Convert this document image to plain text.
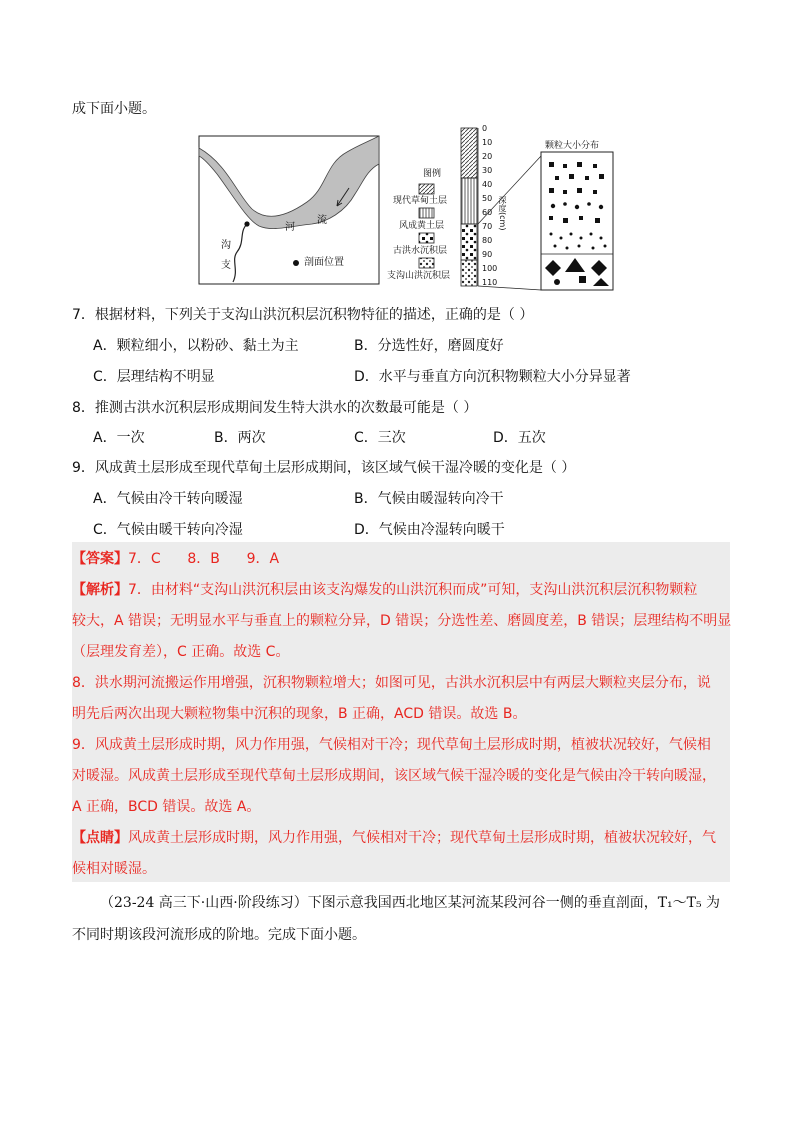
成下面小题。
河
流
沟
支	剖面位置
图例
现代草甸土层
风成黄土层
古洪水沉积层
支沟山洪沉积层
0
10
20
30
40
50
60
70
80
90
100
110
深度(cm)
颗粒大小分布
7．根据材料，下列关于支沟山洪沉积层沉积物特征的描述，正确的是（ ）
A．颗粒细小，以粉砂、黏土为主	B．分选性好，磨圆度好
C．层理结构不明显	D．水平与垂直方向沉积物颗粒大小分异显著
8．推测古洪水沉积层形成期间发生特大洪水的次数最可能是（ ）
A．一次	B．两次	C．三次	D．五次
9．风成黄土层形成至现代草甸土层形成期间，该区域气候干湿冷暖的变化是（ ）
A．气候由冷干转向暖湿	B．气候由暖湿转向冷干
C．气候由暖干转向冷湿	D．气候由冷湿转向暖干
【答案】7．C      8．B      9．A
【解析】7．由材料“支沟山洪沉积层由该支沟爆发的山洪沉积而成”可知，支沟山洪沉积层沉积物颗粒
较大，A 错误；无明显水平与垂直上的颗粒分异，D 错误；分选性差、磨圆度差，B 错误；层理结构不明显
（层理发育差），C 正确。故选 C。
8．洪水期河流搬运作用增强，沉积物颗粒增大；如图可见，古洪水沉积层中有两层大颗粒夹层分布，说
明先后两次出现大颗粒物集中沉积的现象，B 正确，ACD 错误。故选 B。
9．风成黄土层形成时期，风力作用强，气候相对干冷；现代草甸土层形成时期，植被状况较好，气候相
对暖湿。风成黄土层形成至现代草甸土层形成期间，该区域气候干湿冷暖的变化是气候由冷干转向暖湿，
A 正确，BCD 错误。故选 A。
【点睛】风成黄土层形成时期，风力作用强，气候相对干冷；现代草甸土层形成时期，植被状况较好，气
候相对暖湿。
（23-24 高三下·山西·阶段练习）下图示意我国西北地区某河流某段河谷一侧的垂直剖面，T₁～T₅ 为
不同时期该段河流形成的阶地。完成下面小题。
